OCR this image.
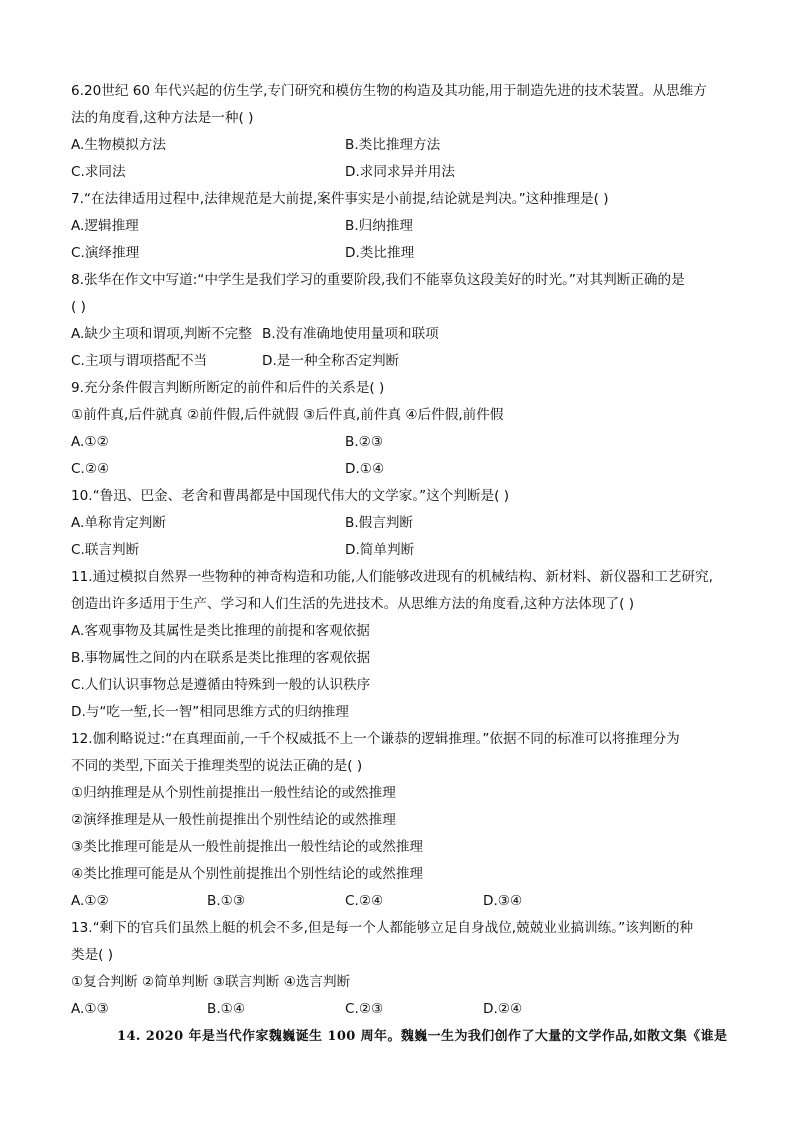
6.20世纪 60 年代兴起的仿生学,专门研究和模仿生物的构造及其功能,用于制造先进的技术装置。从思维方
法的角度看,这种方法是一种( )
A.生物模拟方法	B.类比推理方法
C.求同法	D.求同求异并用法
7.“在法律适用过程中,法律规范是大前提,案件事实是小前提,结论就是判决。”这种推理是( )
A.逻辑推理	B.归纳推理
C.演绎推理	D.类比推理
8.张华在作文中写道:“中学生是我们学习的重要阶段,我们不能辜负这段美好的时光。”对其判断正确的是
( )
A.缺少主项和谓项,判断不完整 B.没有准确地使用量项和联项
C.主项与谓项搭配不当	D.是一种全称否定判断
9.充分条件假言判断所断定的前件和后件的关系是( )
①前件真,后件就真 ②前件假,后件就假 ③后件真,前件真 ④后件假,前件假
A.①②	B.②③
C.②④	D.①④
10.“鲁迅、巴金、老舍和曹禺都是中国现代伟大的文学家。”这个判断是( )
A.单称肯定判断	B.假言判断
C.联言判断	D.简单判断
11.通过模拟自然界一些物种的神奇构造和功能,人们能够改进现有的机械结构、新材料、新仪器和工艺研究,
创造出许多适用于生产、学习和人们生活的先进技术。从思维方法的角度看,这种方法体现了( )
A.客观事物及其属性是类比推理的前提和客观依据
B.事物属性之间的内在联系是类比推理的客观依据
C.人们认识事物总是遵循由特殊到一般的认识秩序
D.与“吃一堑,长一智”相同思维方式的归纳推理
12.伽利略说过:“在真理面前,一千个权威抵不上一个谦恭的逻辑推理。”依据不同的标准可以将推理分为
不同的类型,下面关于推理类型的说法正确的是( )
①归纳推理是从个别性前提推出一般性结论的或然推理
②演绎推理是从一般性前提推出个别性结论的或然推理
③类比推理可能是从一般性前提推出一般性结论的或然推理
④类比推理可能是从个别性前提推出个别性结论的或然推理
A.①②	B.①③	C.②④	D.③④
13.“剩下的官兵们虽然上艇的机会不多,但是每一个人都能够立足自身战位,兢兢业业搞训练。”该判断的种
类是( )
①复合判断 ②简单判断 ③联言判断 ④选言判断
A.①③	B.①④	C.②③	D.②④
14. 2020 年是当代作家魏巍诞生 100 周年。魏巍一生为我们创作了大量的文学作品,如散文集《谁是
